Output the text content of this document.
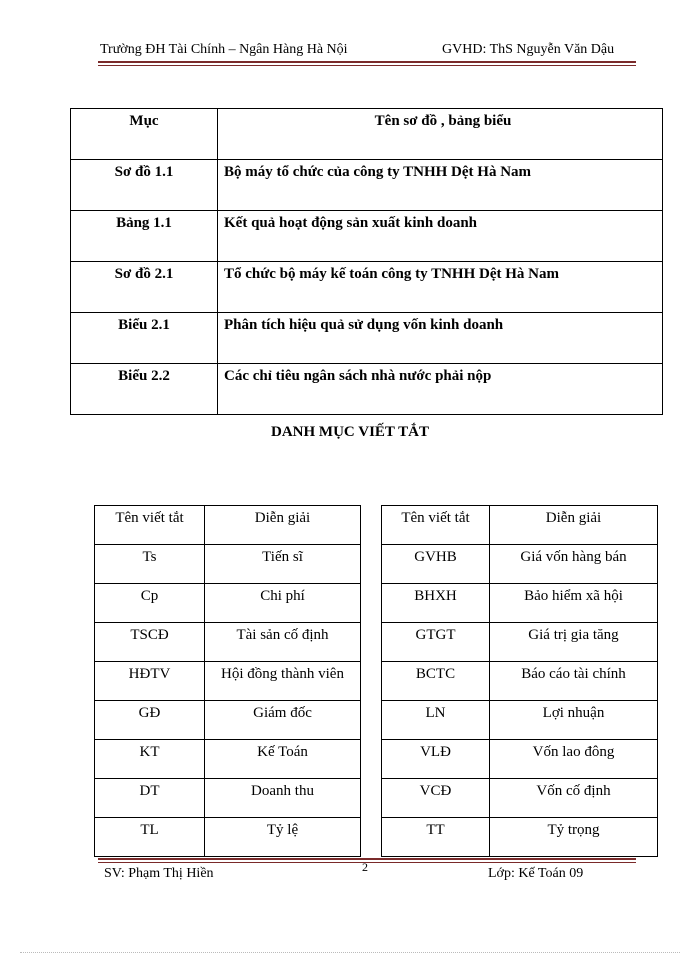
Trường ĐH Tài Chính – Ngân Hàng Hà Nội	GVHD: ThS Nguyễn Văn Dậu
Mục	Tên sơ đồ , bảng biểu
Sơ đồ 1.1	Bộ máy tổ chức của công ty TNHH Dệt Hà Nam
Bảng 1.1	Kết quả hoạt động sản xuất kinh doanh
Sơ đồ 2.1	Tổ chức bộ máy kế toán công ty TNHH Dệt Hà Nam
Biểu 2.1	Phân tích hiệu quả sử dụng vốn kinh doanh
Biểu 2.2	Các chỉ tiêu ngân sách nhà nước phải nộp
DANH MỤC VIẾT TẮT
Tên viết tắt	Diễn giải
Ts	Tiến sĩ
Cp	Chi phí
TSCĐ	Tài sản cố định
HĐTV	Hội đồng thành viên
GĐ	Giám đốc
KT	Kế Toán
DT	Doanh thu
TL	Tỷ lệ
Tên viết tắt	Diễn giải
GVHB	Giá vốn hàng bán
BHXH	Bảo hiểm xã hội
GTGT	Giá trị gia tăng
BCTC	Báo cáo tài chính
LN	Lợi nhuận
VLĐ	Vốn lao đông
VCĐ	Vốn cố định
TT	Tỷ trọng
2
SV: Phạm Thị Hiền	Lớp: Kế Toán 09
